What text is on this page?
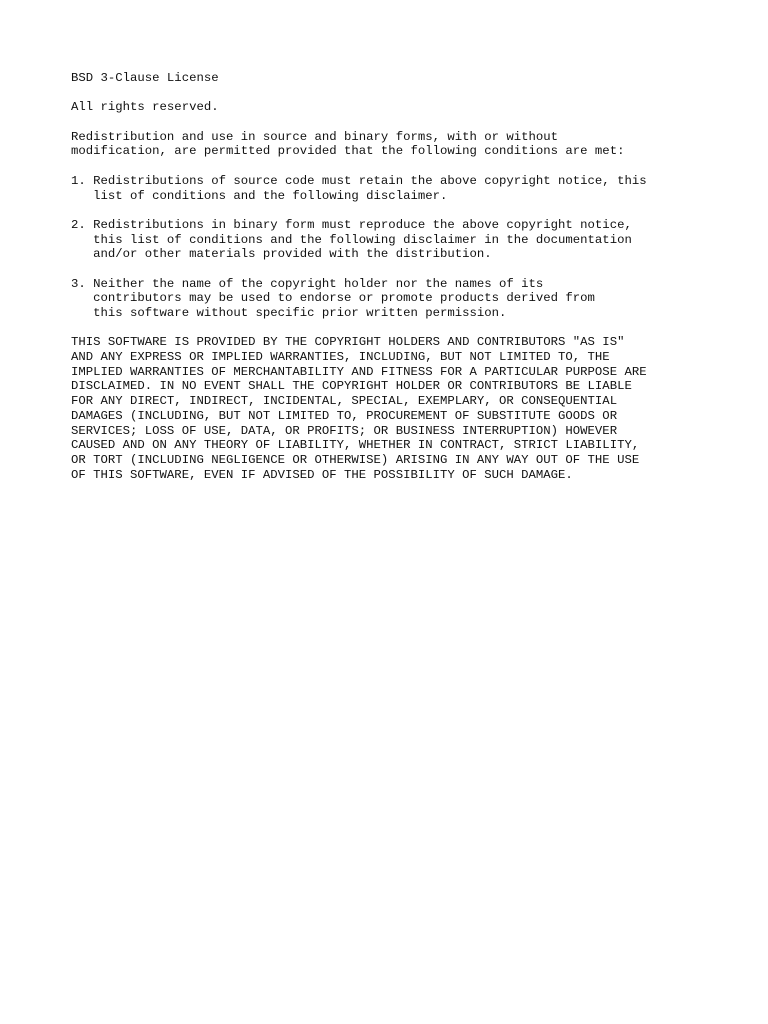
BSD 3-Clause License
All rights reserved.
Redistribution and use in source and binary forms, with or without
modification, are permitted provided that the following conditions are met:
1. Redistributions of source code must retain the above copyright notice, this
list of conditions and the following disclaimer.
2. Redistributions in binary form must reproduce the above copyright notice,
this list of conditions and the following disclaimer in the documentation
and/or other materials provided with the distribution.
3. Neither the name of the copyright holder nor the names of its
contributors may be used to endorse or promote products derived from
this software without specific prior written permission.
THIS SOFTWARE IS PROVIDED BY THE COPYRIGHT HOLDERS AND CONTRIBUTORS "AS IS"
AND ANY EXPRESS OR IMPLIED WARRANTIES, INCLUDING, BUT NOT LIMITED TO, THE
IMPLIED WARRANTIES OF MERCHANTABILITY AND FITNESS FOR A PARTICULAR PURPOSE ARE
DISCLAIMED. IN NO EVENT SHALL THE COPYRIGHT HOLDER OR CONTRIBUTORS BE LIABLE
FOR ANY DIRECT, INDIRECT, INCIDENTAL, SPECIAL, EXEMPLARY, OR CONSEQUENTIAL
DAMAGES (INCLUDING, BUT NOT LIMITED TO, PROCUREMENT OF SUBSTITUTE GOODS OR
SERVICES; LOSS OF USE, DATA, OR PROFITS; OR BUSINESS INTERRUPTION) HOWEVER
CAUSED AND ON ANY THEORY OF LIABILITY, WHETHER IN CONTRACT, STRICT LIABILITY,
OR TORT (INCLUDING NEGLIGENCE OR OTHERWISE) ARISING IN ANY WAY OUT OF THE USE
OF THIS SOFTWARE, EVEN IF ADVISED OF THE POSSIBILITY OF SUCH DAMAGE.
